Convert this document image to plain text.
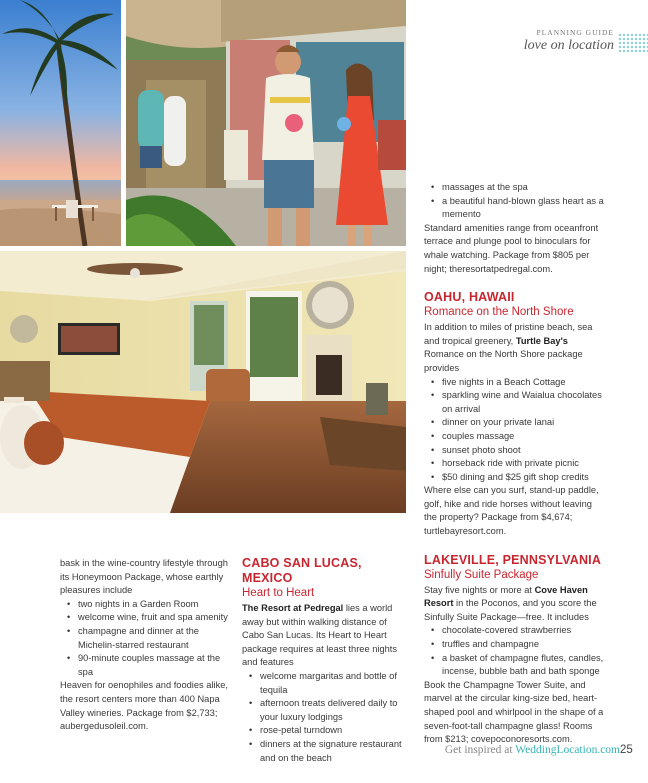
PLANNING GUIDE
love on location
• massages at the spa
• a beautiful hand-blown glass heart as a memento
Standard amenities range from oceanfront terrace and plunge pool to binoculars for whale watching. Package from $805 per night; theresortatpedregal.com.
OAHU, HAWAII
Romance on the North Shore
In addition to miles of pristine beach, sea and tropical greenery, Turtle Bay's Romance on the North Shore package provides
• five nights in a Beach Cottage
• sparkling wine and Waialua chocolates on arrival
• dinner on your private lanai
• couples massage
• sunset photo shoot
• horseback ride with private picnic
• $50 dining and $25 gift shop credits
Where else can you surf, stand-up paddle, golf, hike and ride horses without leaving the property? Package from $4,674; turtlebayresort.com.
LAKEVILLE, PENNSYLVANIA
Sinfully Suite Package
Stay five nights or more at Cove Haven Resort in the Poconos, and you score the Sinfully Suite Package—free. It includes
• chocolate-covered strawberries
• truffles and champagne
• a basket of champagne flutes, candles, incense, bubble bath and bath sponge
Book the Champagne Tower Suite, and marvel at the circular king-size bed, heart-shaped pool and whirlpool in the shape of a seven-foot-tall champagne glass! Rooms from $213; covepoconoresorts.com.
bask in the wine-country lifestyle through its Honeymoon Package, whose earthly pleasures include
• two nights in a Garden Room
• welcome wine, fruit and spa amenity
• champagne and dinner at the Michelin-starred restaurant
• 90-minute couples massage at the spa
Heaven for oenophiles and foodies alike, the resort centers more than 400 Napa Valley wineries. Package from $2,733; aubergedusoleil.com.
CABO SAN LUCAS, MEXICO
Heart to Heart
The Resort at Pedregal lies a world away but within walking distance of Cabo San Lucas. Its Heart to Heart package requires at least three nights and features
• welcome margaritas and bottle of tequila
• afternoon treats delivered daily to your luxury lodgings
• rose-petal turndown
• dinners at the signature restaurant and on the beach
Get inspired at WeddingLocation.com 25
